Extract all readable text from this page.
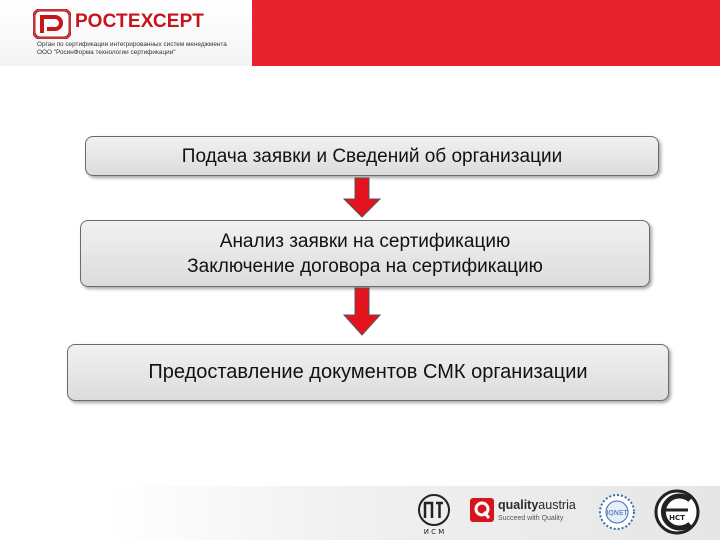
РОСТЕХСЕРТ
Орган по сертификации интегрированных систем менеджмента
ООО "РосинФорма технологии сертификации"
Подача заявки и Сведений об организации
Анализ заявки на сертификацию
Заключение договора на сертификацию
Предоставление документов СМК организации
И С М
qualityaustria
Succeed with Quality
IQNET
НСТ
